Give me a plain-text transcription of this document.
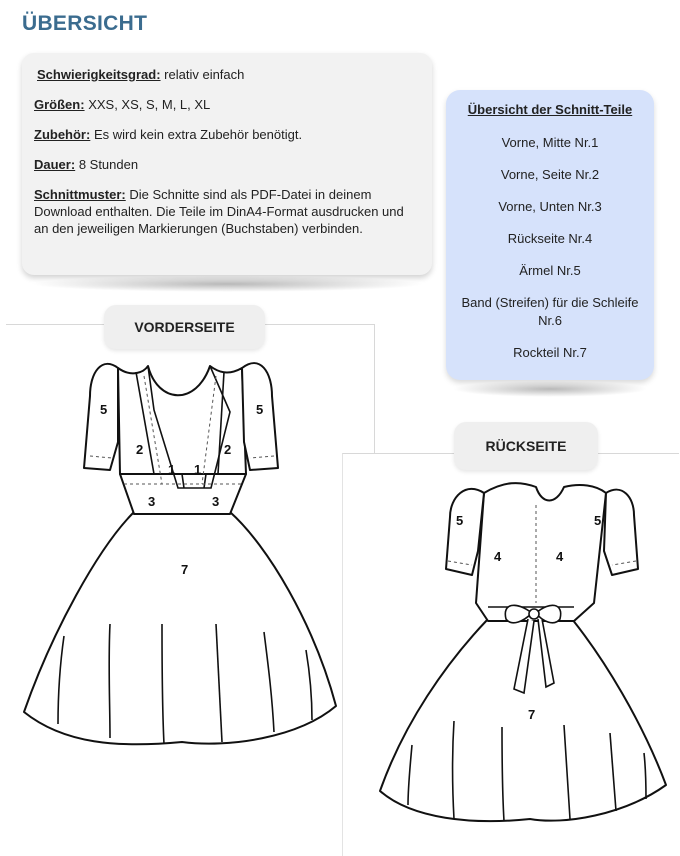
ÜBERSICHT
Schwierigkeitsgrad: relativ einfach
Größen: XXS, XS, S, M, L, XL
Zubehör: Es wird kein extra Zubehör benötigt.
Dauer: 8 Stunden
Schnittmuster: Die Schnitte sind als PDF-Datei in deinem Download enthalten. Die Teile im DinA4-Format ausdrucken und an den jeweiligen Markierungen (Buchstaben) verbinden.
Übersicht der Schnitt-Teile
Vorne, Mitte Nr.1
Vorne, Seite Nr.2
Vorne, Unten Nr.3
Rückseite Nr.4
Ärmel Nr.5
Band (Streifen) für die Schleife Nr.6
Rockteil Nr.7
5	5
2	2
1 1
3	3
7
VORDERSEITE
5	5
4	4
7
RÜCKSEITE
